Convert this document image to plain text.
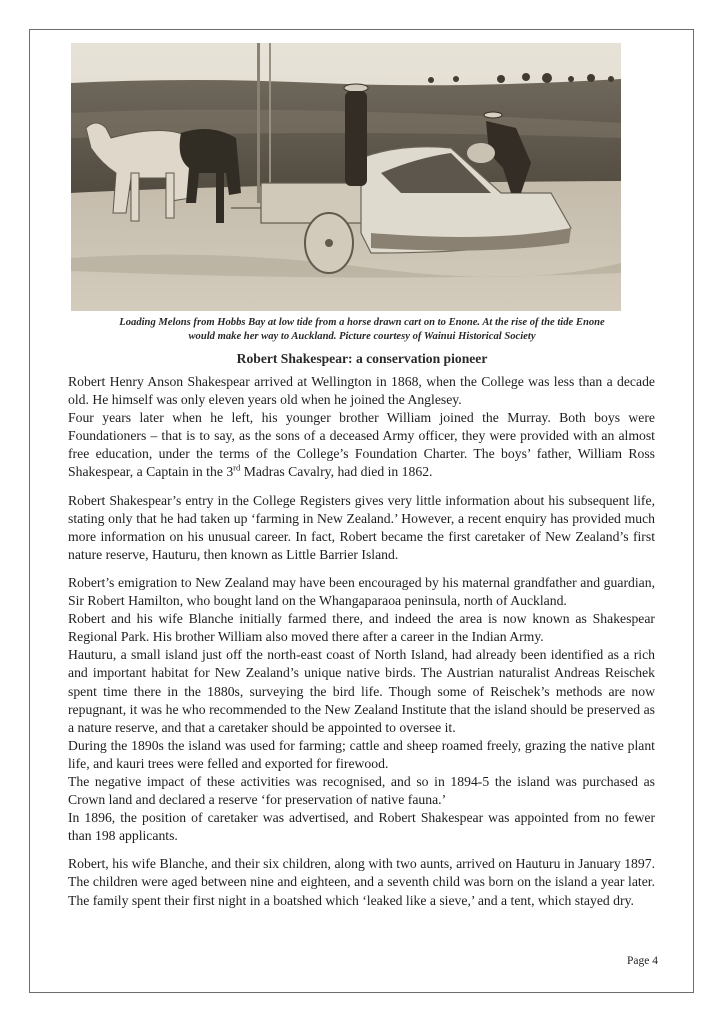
Loading Melons from Hobbs Bay at low tide from a horse drawn cart on to Enone. At the rise of the tide Enone
would make her way to Auckland. Picture courtesy of Wainui Historical Society
Robert Shakespear: a conservation pioneer

Robert Henry Anson Shakespear arrived at Wellington in 1868, when the College was less than a decade old. He himself was only eleven years old when he joined the Anglesey.

Four years later when he left, his younger brother William joined the Murray. Both boys were Foundationers – that is to say, as the sons of a deceased Army officer, they were provided with an almost free education, under the terms of the College’s Foundation Charter. The boys’ father, William Ross Shakespear, a Captain in the 3rd Madras Cavalry, had died in 1862.

Robert Shakespear’s entry in the College Registers gives very little information about his subsequent life, stating only that he had taken up ‘farming in New Zealand.’ However, a recent enquiry has provided much more information on his unusual career. In fact, Robert became the first caretaker of New Zealand’s first nature reserve, Hauturu, then known as Little Barrier Island.

Robert’s emigration to New Zealand may have been encouraged by his maternal grandfather and guardian, Sir Robert Hamilton, who bought land on the Whangaparaoa peninsula, north of Auckland.

Robert and his wife Blanche initially farmed there, and indeed the area is now known as Shakespear Regional Park. His brother William also moved there after a career in the Indian Army.

Hauturu, a small island just off the north-east coast of North Island, had already been identified as a rich and important habitat for New Zealand’s unique native birds. The Austrian naturalist Andreas Reischek spent time there in the 1880s, surveying the bird life. Though some of Reischek’s methods are now repugnant, it was he who recommended to the New Zealand Institute that the island should be preserved as a nature reserve, and that a caretaker should be appointed to oversee it.

During the 1890s the island was used for farming; cattle and sheep roamed freely, grazing the native plant life, and kauri trees were felled and exported for firewood.

The negative impact of these activities was recognised, and so in 1894-5 the island was purchased as Crown land and declared a reserve ‘for preservation of native fauna.’

In 1896, the position of caretaker was advertised, and Robert Shakespear was appointed from no fewer than 198 applicants.

Robert, his wife Blanche, and their six children, along with two aunts, arrived on Hauturu in January 1897. The children were aged between nine and eighteen, and a seventh child was born on the island a year later. The family spent their first night in a boatshed which ‘leaked like a sieve,’ and a tent, which stayed dry.

Page 4
